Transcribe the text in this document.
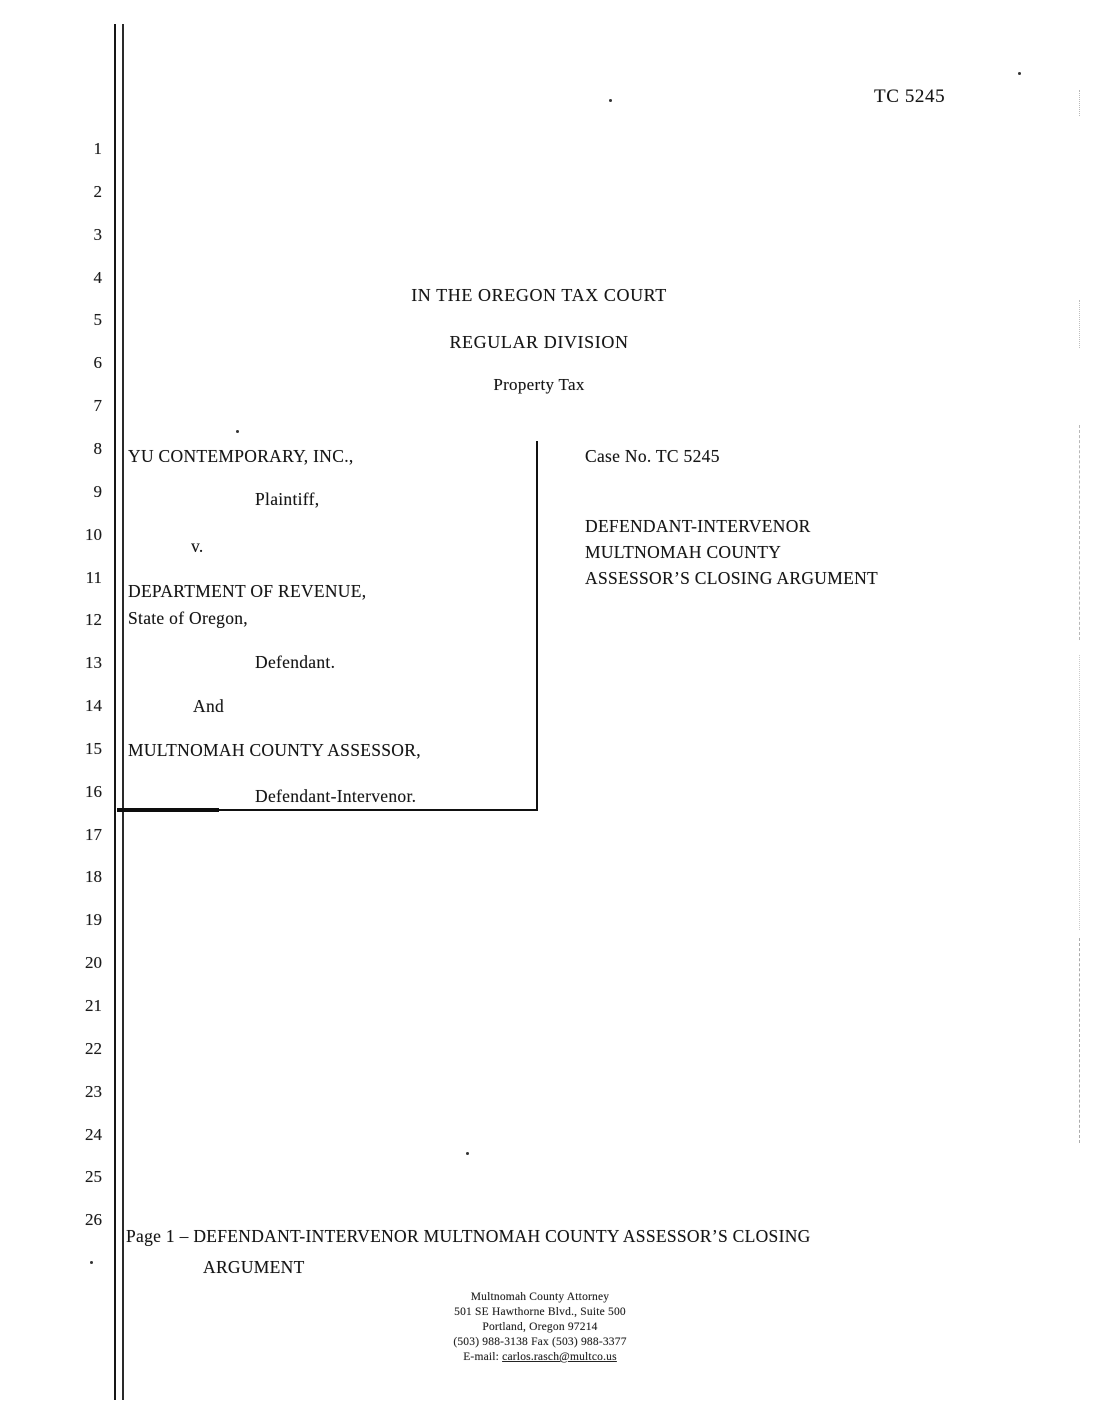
1
2
3
4
5
6
7
8
9
10
11
12
13
14
15
16
17
18
19
20
21
22
23
24
25
26
TC 5245
IN THE OREGON TAX COURT
REGULAR DIVISION
Property Tax
YU CONTEMPORARY, INC.,
Plaintiff,
v.
DEPARTMENT OF REVENUE,
State of Oregon,
Defendant.
And
MULTNOMAH COUNTY ASSESSOR,
Defendant-Intervenor.
Case No. TC 5245
DEFENDANT-INTERVENOR
MULTNOMAH COUNTY
ASSESSOR’S CLOSING ARGUMENT
Page 1 – DEFENDANT-INTERVENOR MULTNOMAH COUNTY ASSESSOR’S CLOSING
ARGUMENT
Multnomah County Attorney
501 SE Hawthorne Blvd., Suite 500
Portland, Oregon 97214
(503) 988-3138 Fax (503) 988-3377
E-mail: carlos.rasch@multco.us
